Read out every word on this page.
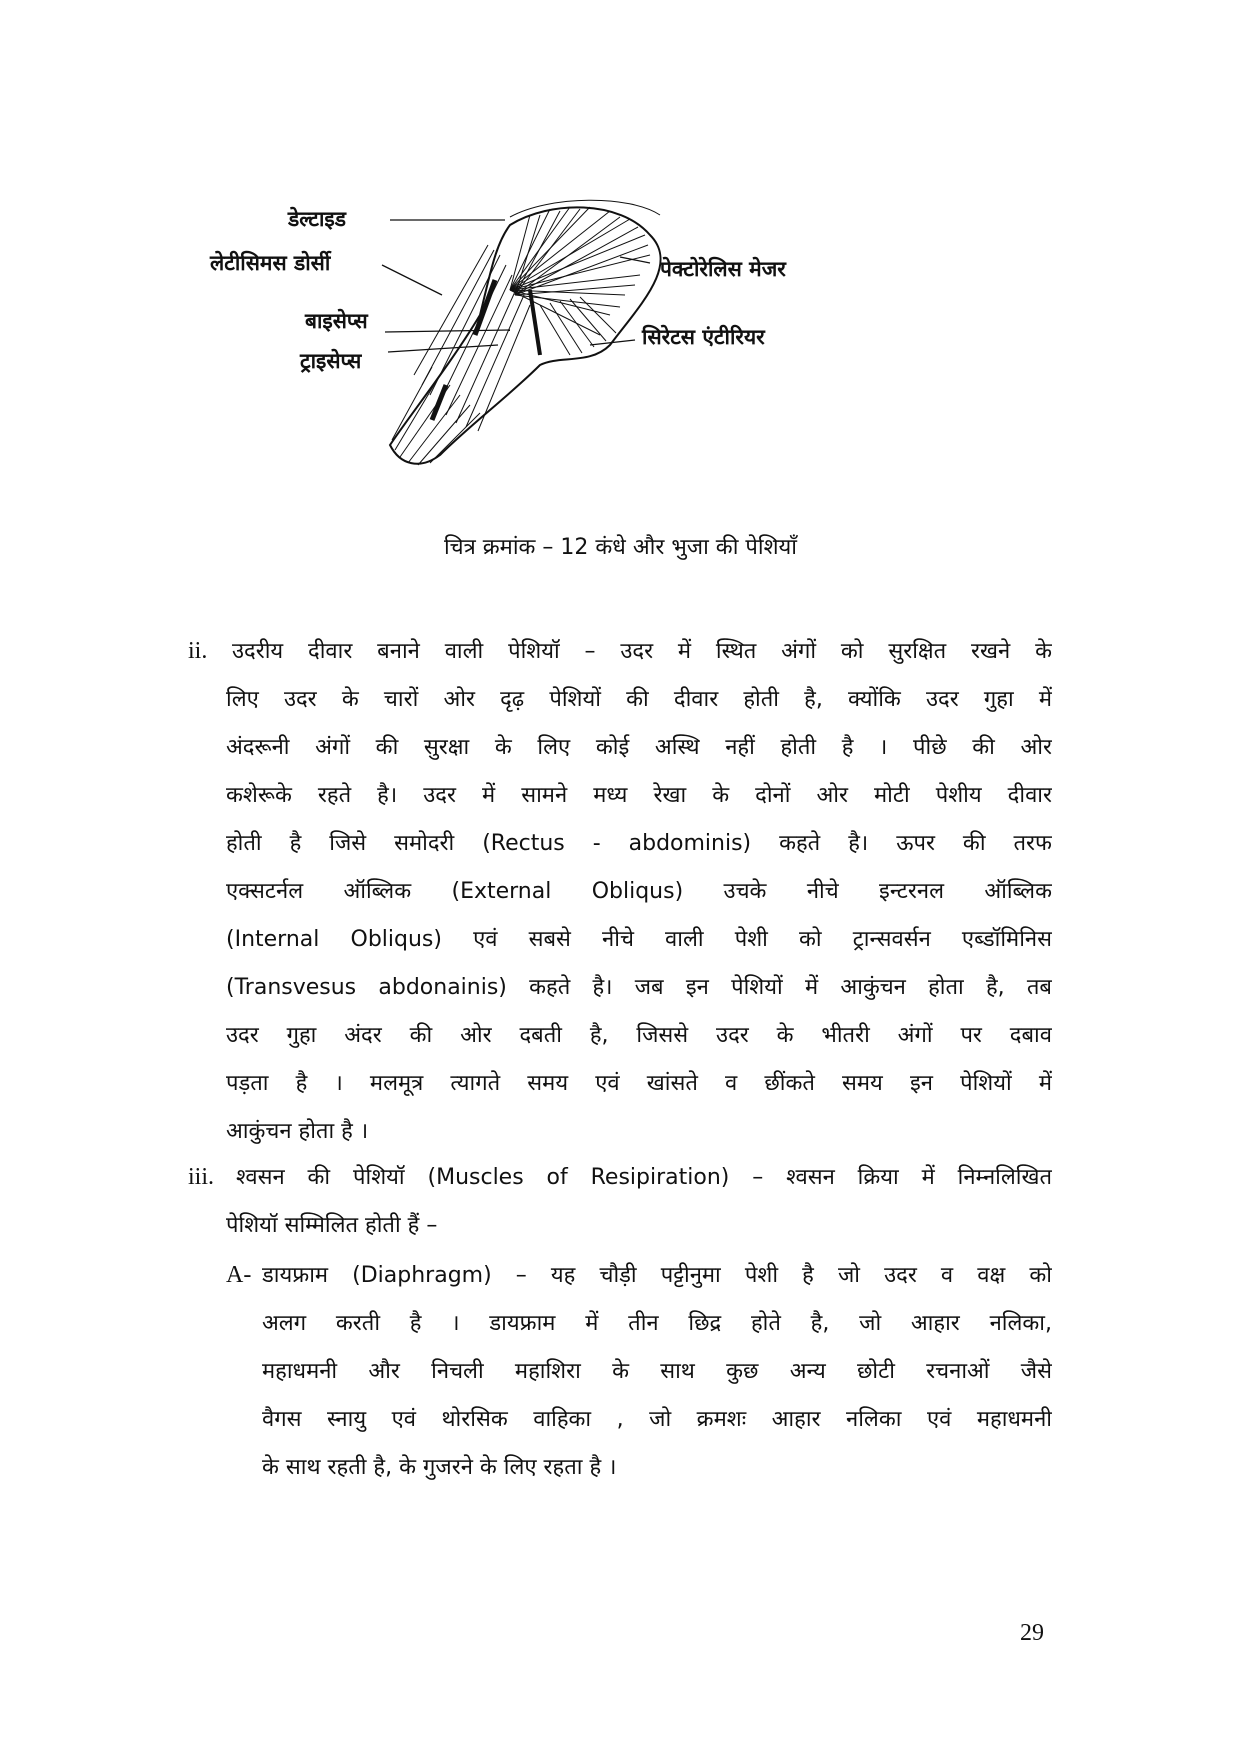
डेल्टाइड
लेटीसिमस डोर्सी
बाइसेप्स
ट्राइसेप्स
पेक्टोरेलिस मेजर
सिरेटस एंटीरियर
चित्र क्रमांक – 12 कंधे और भुजा की पेशियाँ
ii. उदरीय दीवार बनाने वाली पेशियॉ – उदर में स्थित अंगों को सुरक्षित रखने के
लिए उदर के चारों ओर दृढ़ पेशियों की दीवार होती है, क्योंकि उदर गुहा में
अंदरूनी अंगों की सुरक्षा के लिए कोई अस्थि नहीं होती है । पीछे की ओर
कशेरूके रहते है। उदर में सामने मध्य रेखा के दोनों ओर मोटी पेशीय दीवार
होती है जिसे समोदरी (Rectus - abdominis) कहते है। ऊपर की तरफ
एक्सटर्नल ऑब्लिक (External Obliqus) उचके नीचे इन्टरनल ऑब्लिक
(Internal Obliqus) एवं सबसे नीचे वाली पेशी को ट्रान्सवर्सन एब्डॉमिनिस
(Transvesus abdonainis) कहते है। जब इन पेशियों में आकुंचन होता है, तब
उदर गुहा अंदर की ओर दबती है, जिससे उदर के भीतरी अंगों पर दबाव
पड़ता है । मलमूत्र त्यागते समय एवं खांसते व छींकते समय इन पेशियों में
आकुंचन होता है ।
iii. श्वसन की पेशियॉ (Muscles of Resipiration) – श्वसन क्रिया में निम्नलिखित
पेशियॉ सम्मिलित होती हैं –
A- डायफ्राम (Diaphragm) – यह चौड़ी पट्टीनुमा पेशी है जो उदर व वक्ष को
अलग करती है । डायफ्राम में तीन छिद्र होते है, जो आहार नलिका,
महाधमनी और निचली महाशिरा के साथ कुछ अन्य छोटी रचनाओं जैसे
वैगस स्नायु एवं थोरसिक वाहिका , जो क्रमशः आहार नलिका एवं महाधमनी
के साथ रहती है, के गुजरने के लिए रहता है ।
29
